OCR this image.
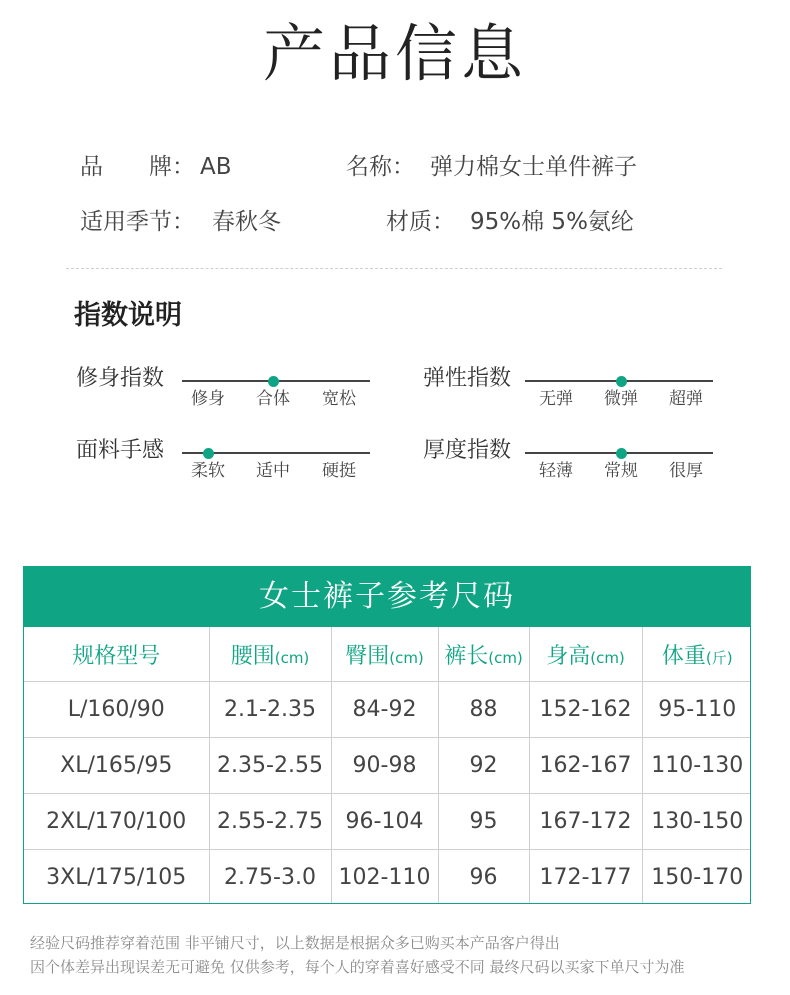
产品信息
品　　牌： AB	名称： 弹力棉女士单件裤子
适用季节： 春秋冬	材质： 95%棉 5%氨纶
指数说明
修身指数
修身 合体 宽松
弹性指数
无弹 微弹 超弹
面料手感
柔软 适中 硬挺
厚度指数
轻薄 常规 很厚
女士裤子参考尺码
规格型号	腰围(cm)	臀围(cm)	裤长(cm)	身高(cm)	体重(斤)
L/160/90	2.1-2.35	84-92	88	152-162	95-110
XL/165/95	2.35-2.55	90-98	92	162-167	110-130
2XL/170/100	2.55-2.75	96-104	95	167-172	130-150
3XL/175/105	2.75-3.0	102-110	96	172-177	150-170
经验尺码推荐穿着范围 非平铺尺寸，以上数据是根据众多已购买本产品客户得出
因个体差异出现误差无可避免 仅供参考，每个人的穿着喜好感受不同 最终尺码以买家下单尺寸为准
